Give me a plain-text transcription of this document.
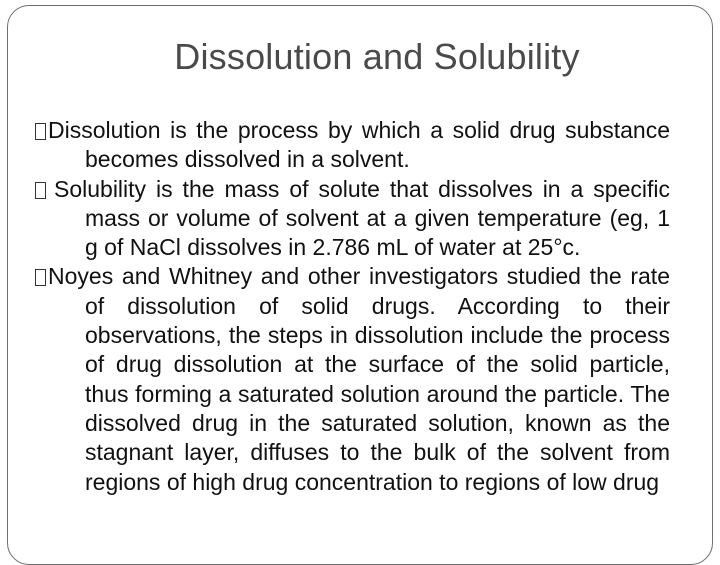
Dissolution and Solubility

Dissolution is the process by which a solid drug substance becomes dissolved in a solvent.

Solubility is the mass of solute that dissolves in a specific mass or volume of solvent at a given temperature (eg, 1 g of NaCl dissolves in 2.786 mL of water at 25°c.

Noyes and Whitney and other investigators studied the rate of dissolution of solid drugs. According to their observations, the steps in dissolution include the process of drug dissolution at the surface of the solid particle, thus forming a saturated solution around the particle. The dissolved drug in the saturated solution, known as the stagnant layer, diffuses to the bulk of the solvent from regions of high drug concentration to regions of low drug
